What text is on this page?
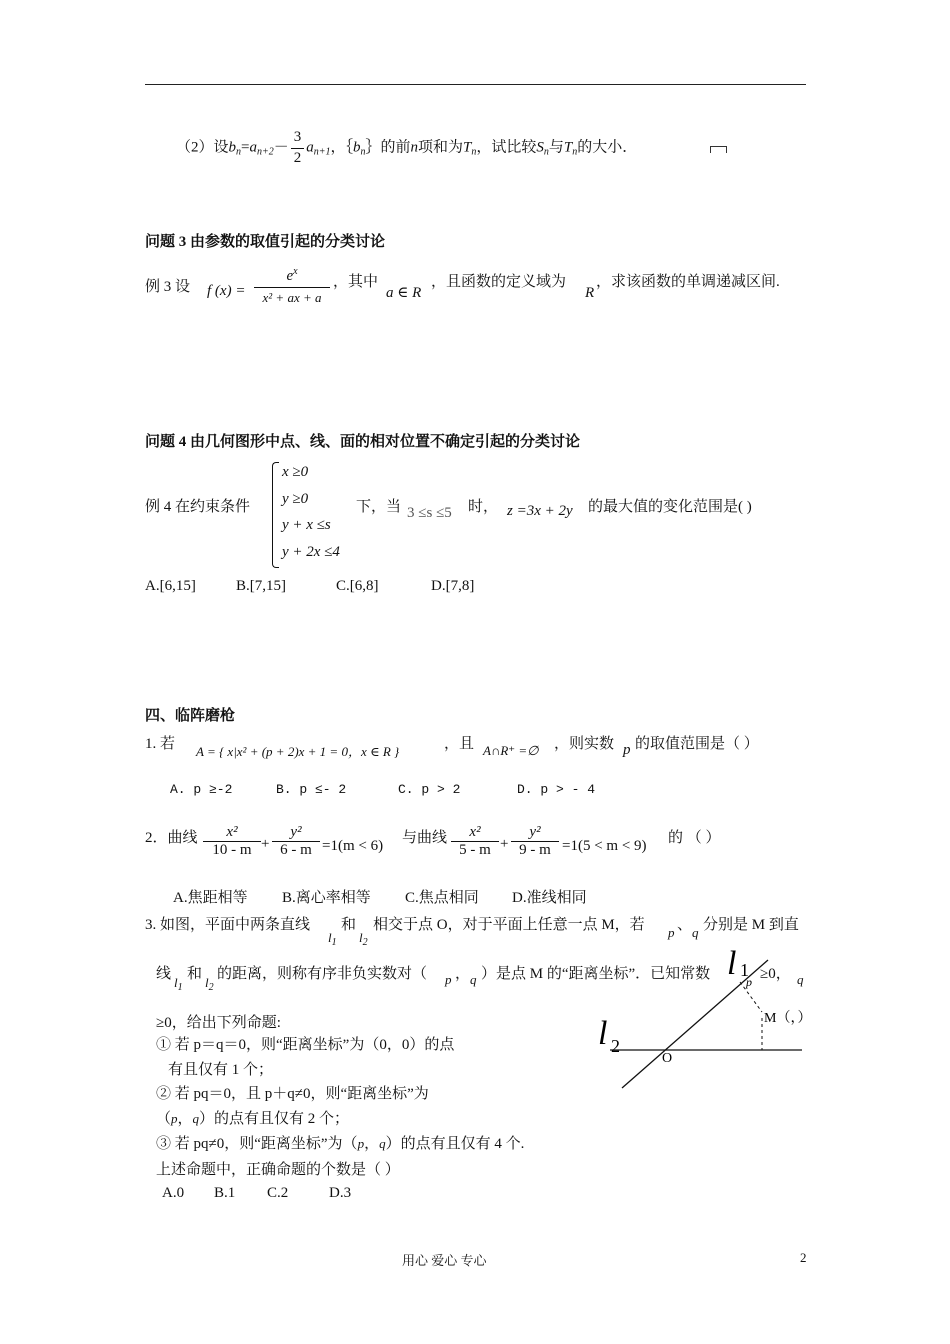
（2）设$b_n=a_{n+2}- \frac{3}{2} a_{n+1}$，$\{b_n\}$的前n项和为$T_n$，试比较$S_n$与$T_n$的大小．
问题 3 由参数的取值引起的分类讨论
例 3 设 f (x) =
$e^x$
x² + ax + a
，其中
a ∈ R
，且函数的定义域为
R
，求该函数的单调递减区间.
问题 4 由几何图形中点、线、面的相对位置不确定引起的分类讨论
例 4 在约束条件
x ≥0
y ≥0
y + x ≤s
y + 2x ≤4
下，当 3 ≤s ≤5 时， z =3x + 2y 的最大值的变化范围是( )
A.[6,15]	B.[7,15]	C.[6,8]	D.[7,8]
四、临阵磨枪
1. 若 A = { x|x² + (p + 2)x + 1 = 0，x ∈ R }	，且 A∩R⁺ =∅ ，则实数 p 的取值范围是（ ）
A. p ≥-2	B. p ≤- 2	C. p > 2	D. p > - 4
2．曲线	x²
10 - m +
y²
6 - m =1(m < 6) 与曲线	x²
5 - m +
y²
9 - m =1(5 < m < 9) 的 （ ）
A.焦距相等 B.离心率相等 C.焦点相同 D.准线相同
3. 如图，平面中两条直线
$l_1$
和
$l_2$
相交于点 O，对于平面上任意一点 M，若 p 、 q 分别是 M 到直
线
$l_1$
和
$l_2$
的距离，则称有序非负实数对（ p ， q ）是点 M 的“距离坐标”．已知常数	≥0， q
≥0，给出下列命题:
① 若 p＝q＝0，则“距离坐标”为（0，0）的点
有且仅有 1 个；
② 若 pq＝0，且 p＋q≠0，则“距离坐标”为
（p，q）的点有且仅有 2 个；
③ 若 pq≠0，则“距离坐标”为（p，q）的点有且仅有 4 个.
上述命题中，正确命题的个数是（ ）
A.0 B.1 C.2	D.3
l 1
l 2
O
p
M（，）
用心 爱心 专心	2
